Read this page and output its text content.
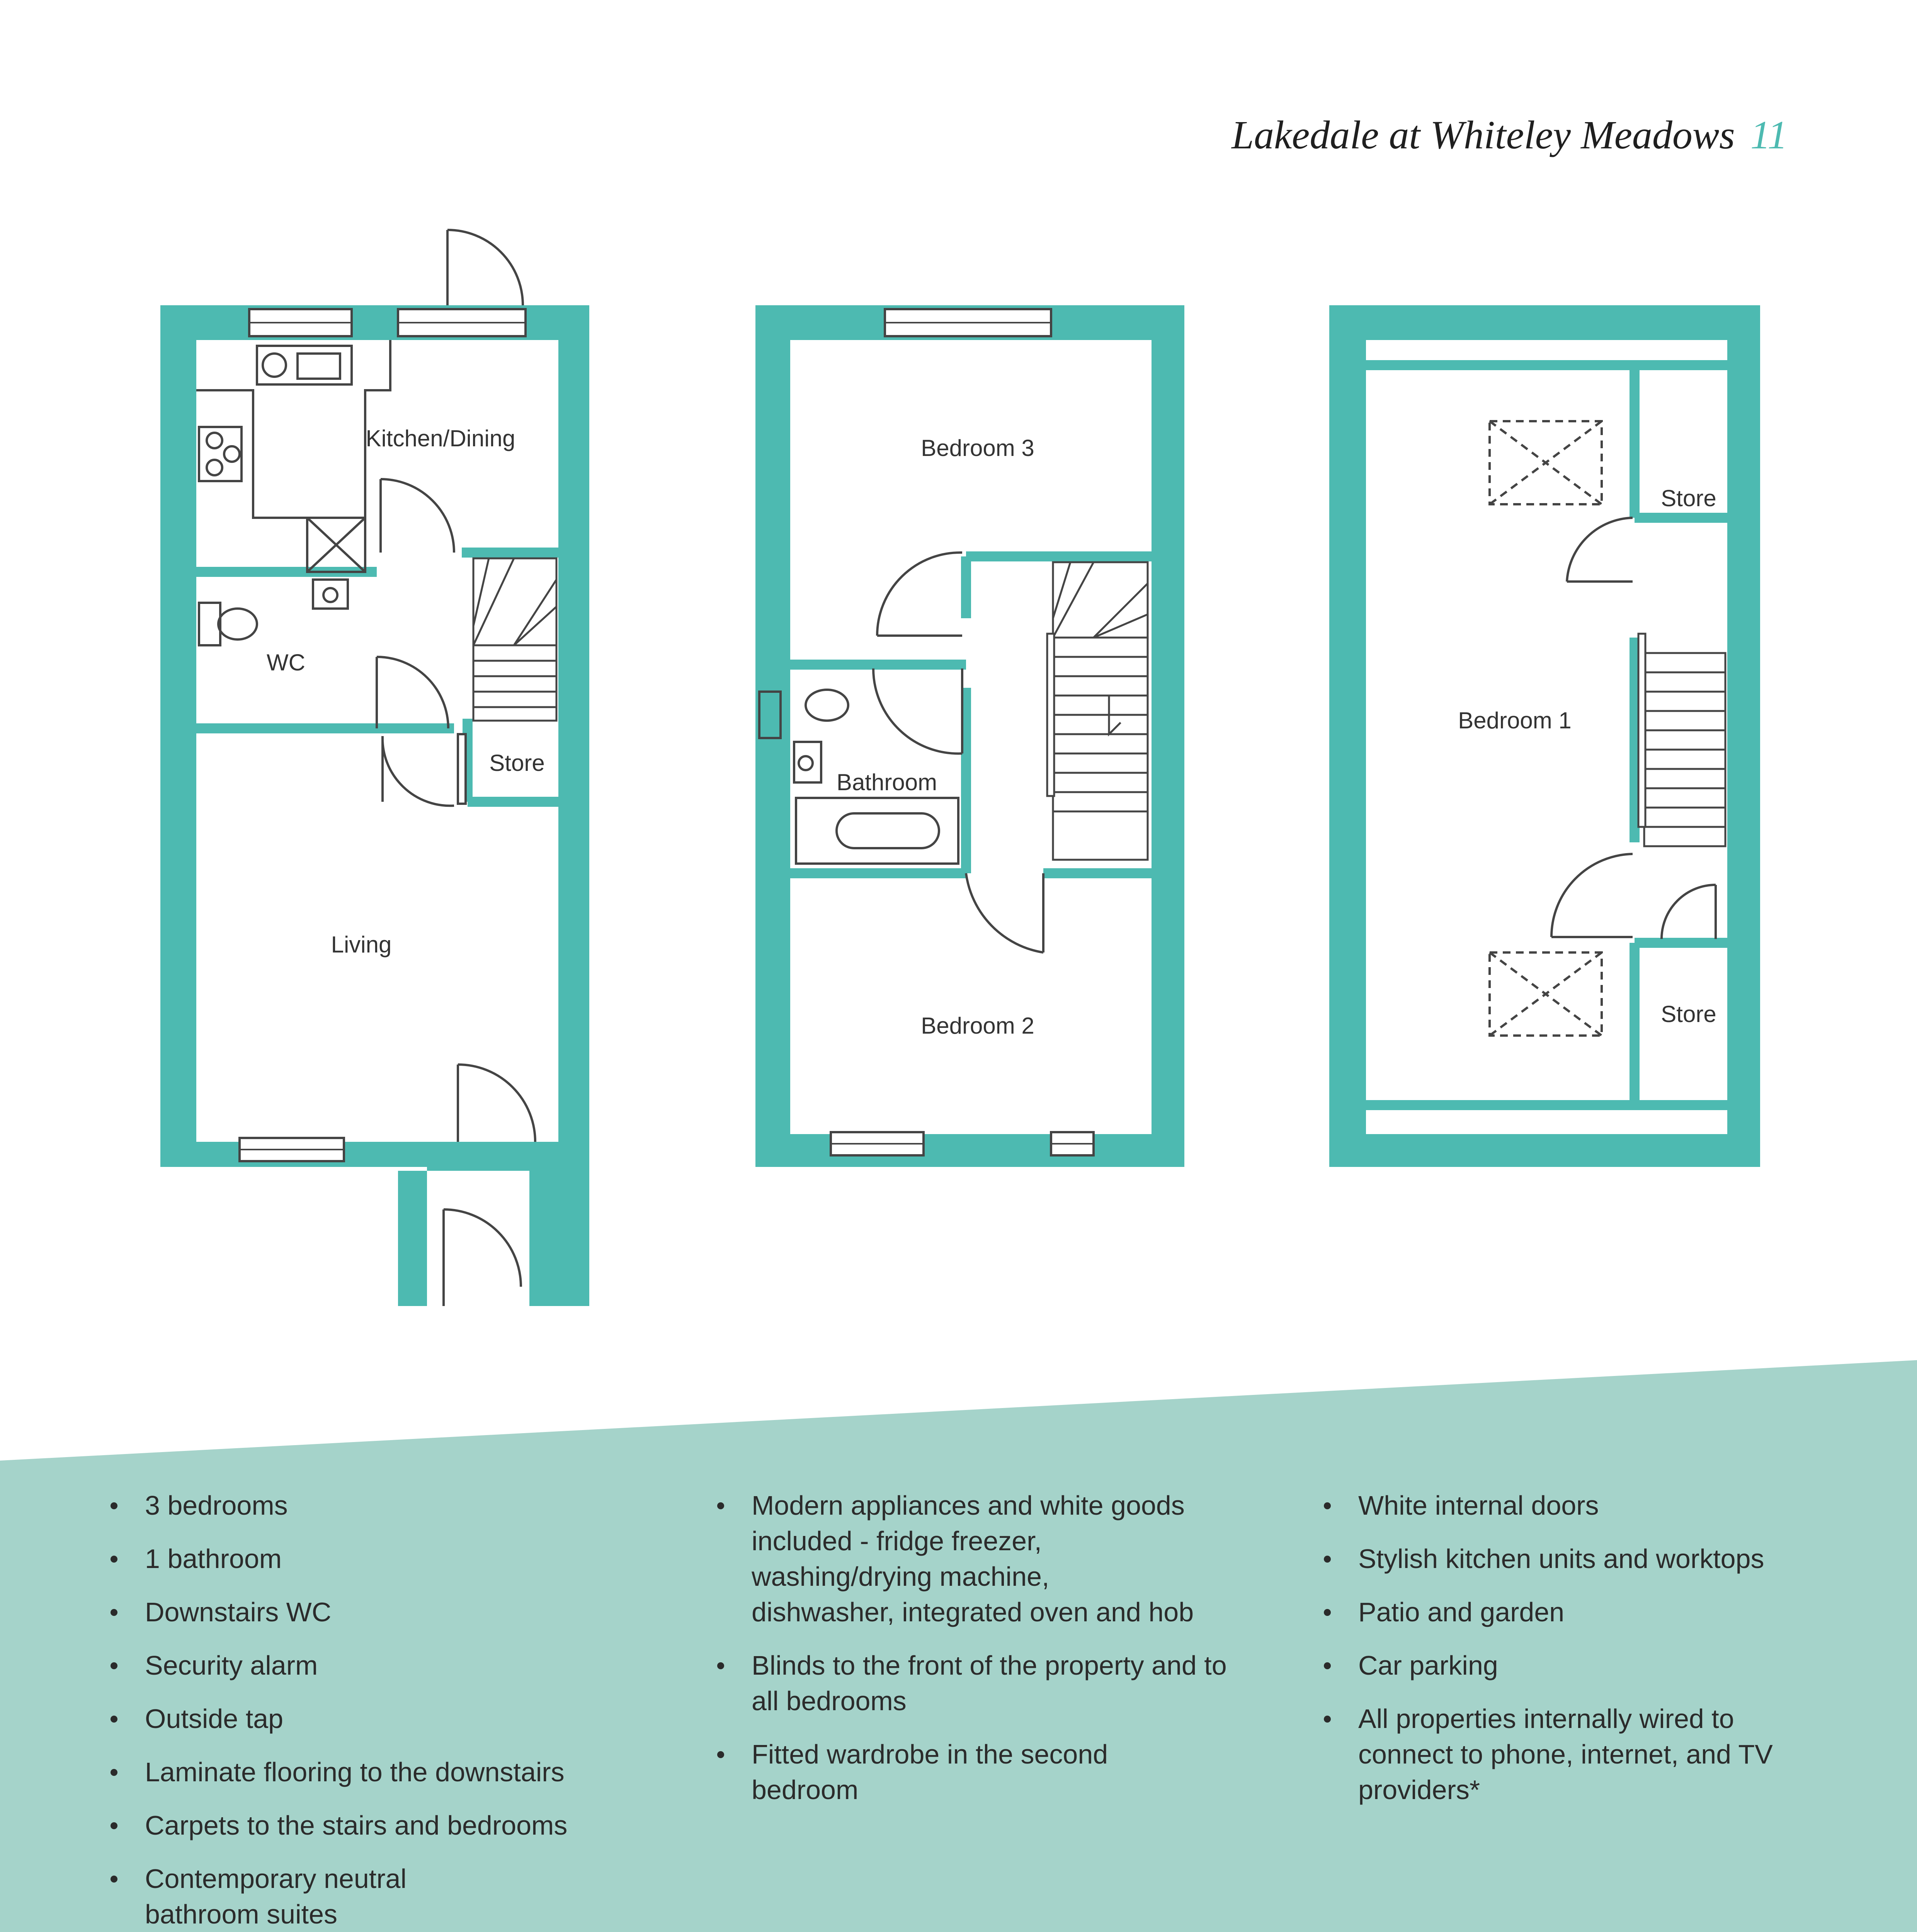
Lakedale at Whiteley Meadows 11
Kitchen/Dining
WC
Store
Living
Bedroom 3
Bathroom
Bedroom 2
Store
Bedroom 1
Store
3 bedrooms
1 bathroom
Downstairs WC
Security alarm
Outside tap
Laminate flooring to the downstairs
Carpets to the stairs and bedrooms
Contemporary neutral bathroom suites
Modern appliances and white goods included - fridge freezer, washing/drying machine, dishwasher, integrated oven and hob
Blinds to the front of the property and to all bedrooms
Fitted wardrobe in the second bedroom
White internal doors
Stylish kitchen units and worktops
Patio and garden
Car parking
All properties internally wired to connect to phone, internet, and TV providers*
